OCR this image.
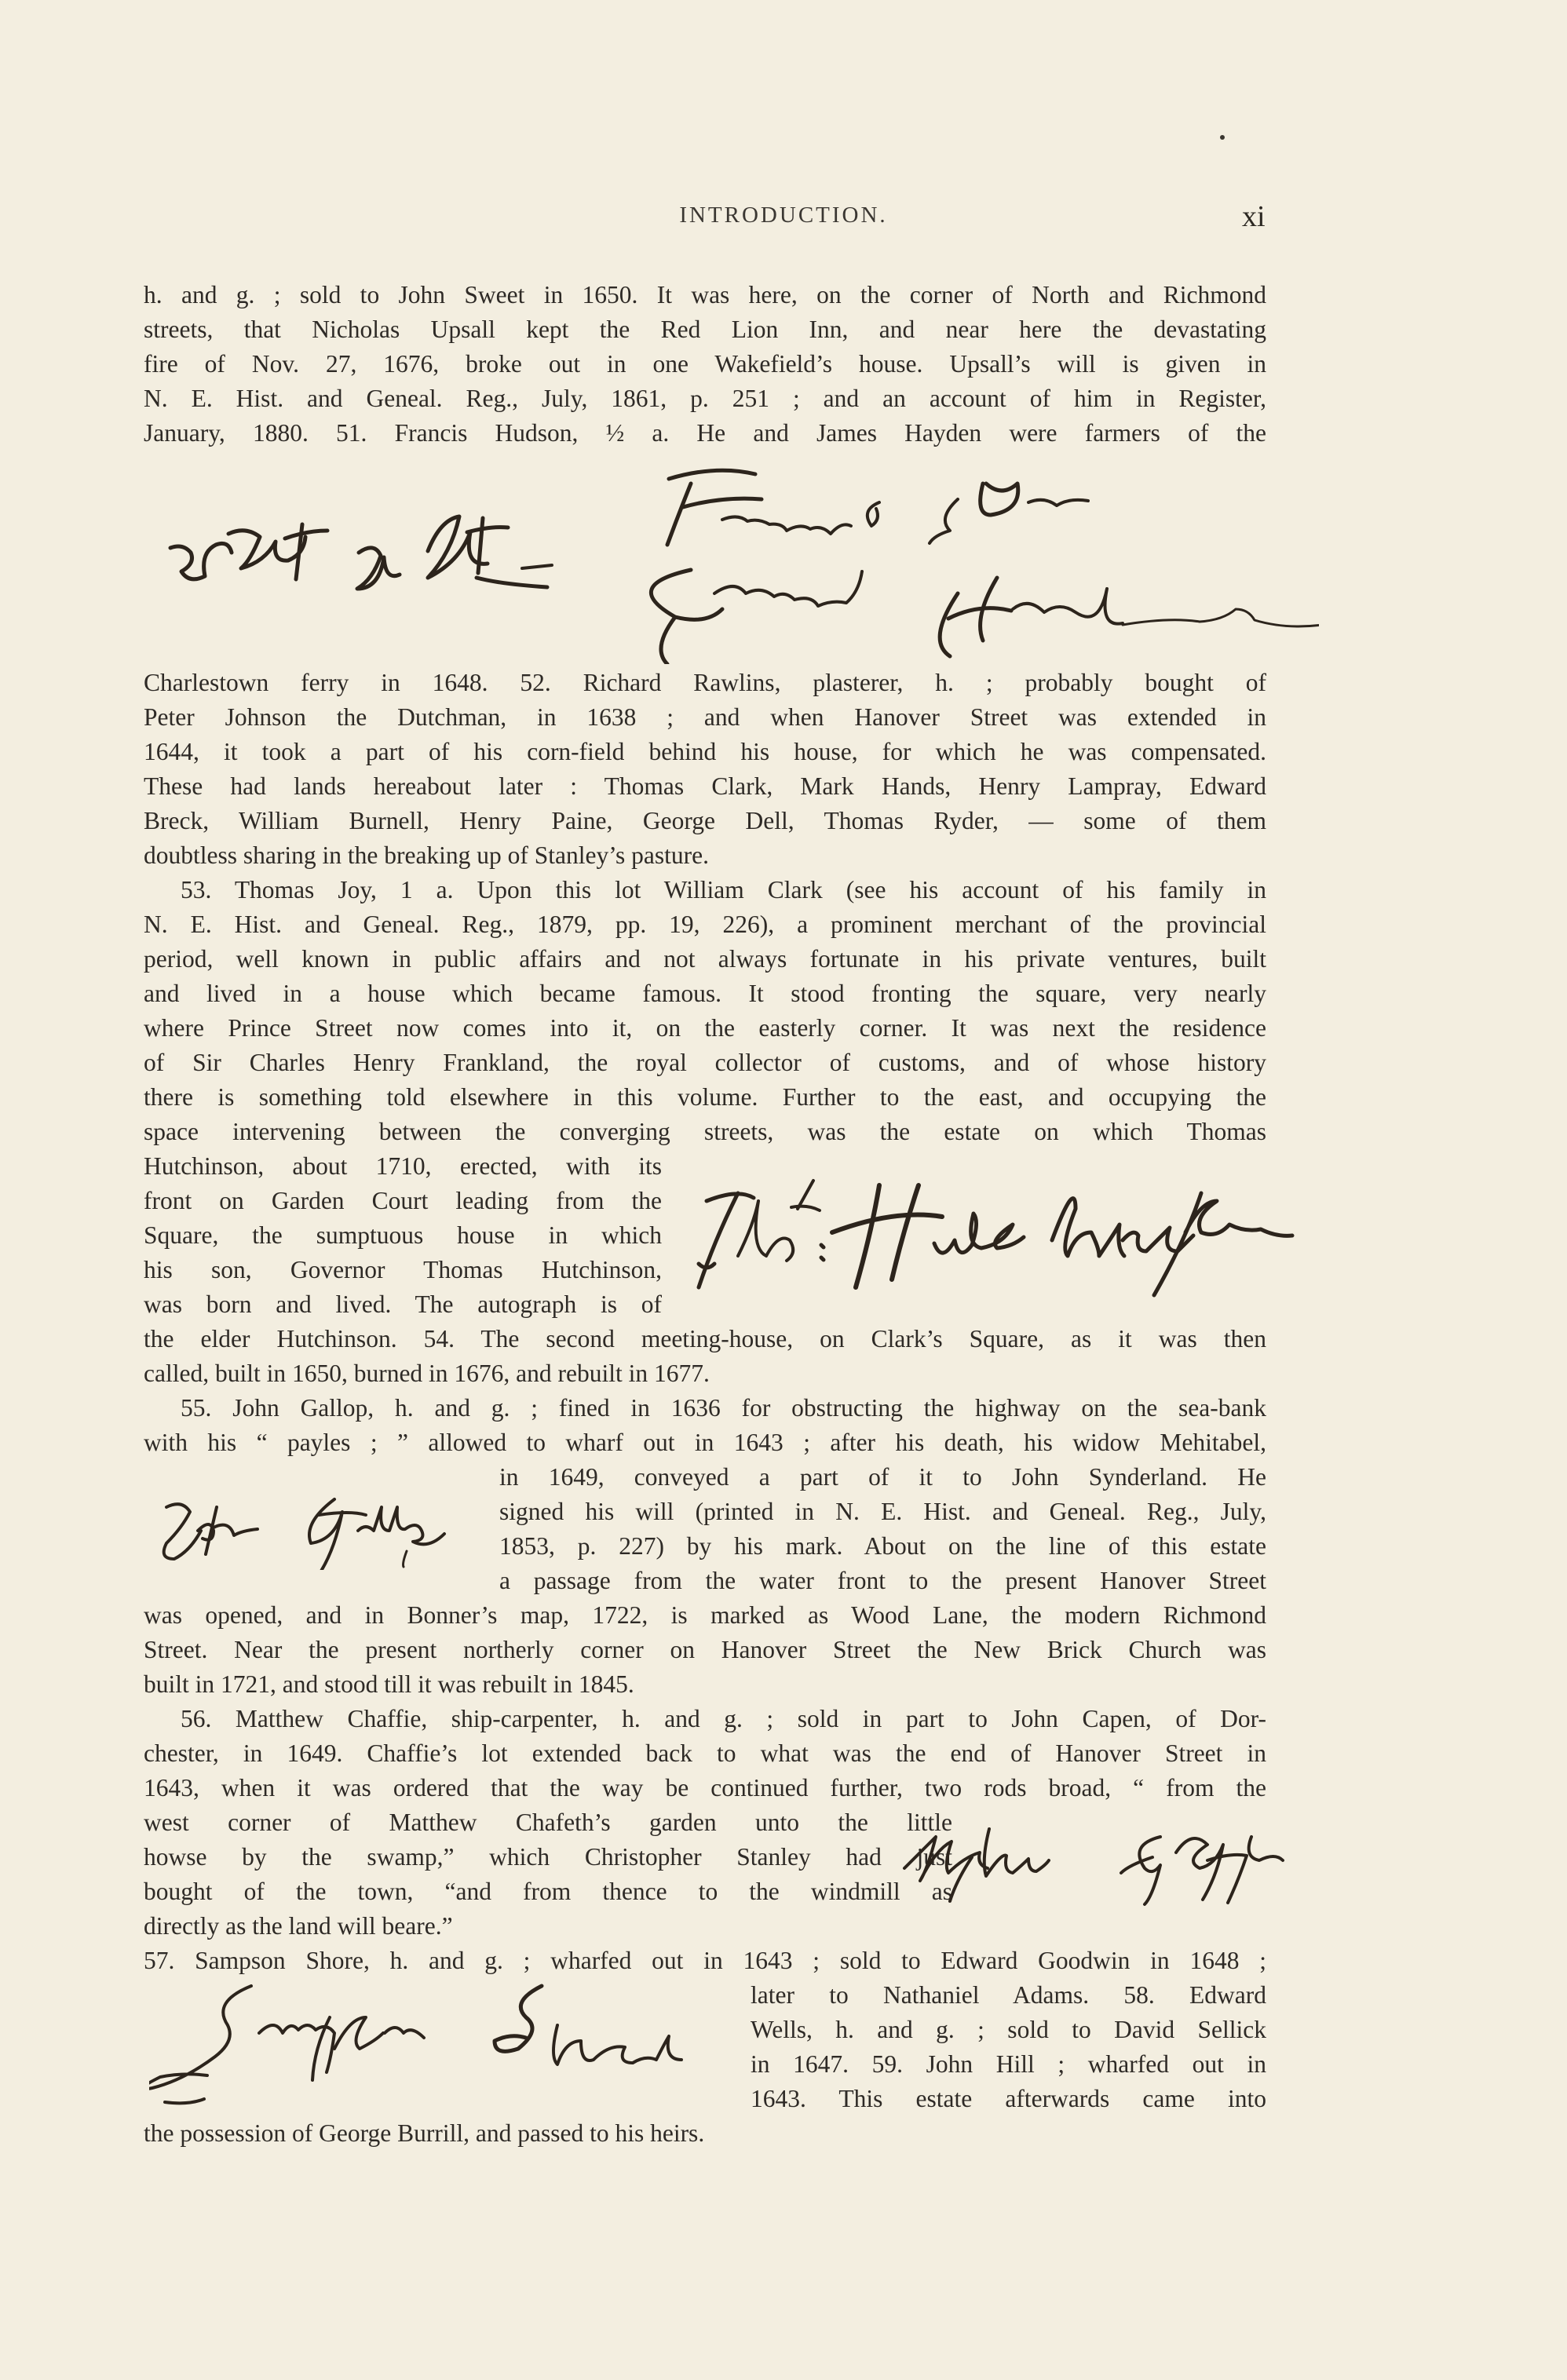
INTRODUCTION.	xi
h. and g. ; sold to John Sweet in 1650. It was here, on the corner of North and Richmond
streets, that Nicholas Upsall kept the Red Lion Inn, and near here the devastating
fire of Nov. 27, 1676, broke out in one Wakefield’s house. Upsall’s will is given in
N. E. Hist. and Geneal. Reg., July, 1861, p. 251 ; and an account of him in Register,
January, 1880. 51. Francis Hudson, ½ a. He and James Hayden were farmers of the
Charlestown ferry in 1648. 52. Richard Rawlins, plasterer, h. ; probably bought of
Peter Johnson the Dutchman, in 1638 ; and when Hanover Street was extended in
1644, it took a part of his corn-field behind his house, for which he was compensated.
These had lands hereabout later : Thomas Clark, Mark Hands, Henry Lampray, Edward
Breck, William Burnell, Henry Paine, George Dell, Thomas Ryder, — some of them
doubtless sharing in the breaking up of Stanley’s pasture.
53. Thomas Joy, 1 a. Upon this lot William Clark (see his account of his family in
N. E. Hist. and Geneal. Reg., 1879, pp. 19, 226), a prominent merchant of the provincial
period, well known in public affairs and not always fortunate in his private ventures, built
and lived in a house which became famous. It stood fronting the square, very nearly
where Prince Street now comes into it, on the easterly corner. It was next the residence
of Sir Charles Henry Frankland, the royal collector of customs, and of whose history
there is something told elsewhere in this volume. Further to the east, and occupying the
space intervening between the converging streets, was the estate on which Thomas
Hutchinson, about 1710, erected, with its
front on Garden Court leading from the
Square, the sumptuous house in which
his son, Governor Thomas Hutchinson,
was born and lived. The autograph is of
the elder Hutchinson. 54. The second meeting-house, on Clark’s Square, as it was then
called, built in 1650, burned in 1676, and rebuilt in 1677.
55. John Gallop, h. and g. ; fined in 1636 for obstructing the highway on the sea-bank
with his “ payles ; ” allowed to wharf out in 1643 ; after his death, his widow Mehitabel,
in 1649, conveyed a part of it to John Synderland. He
signed his will (printed in N. E. Hist. and Geneal. Reg., July,
1853, p. 227) by his mark. About on the line of this estate
a passage from the water front to the present Hanover Street
was opened, and in Bonner’s map, 1722, is marked as Wood Lane, the modern Richmond
Street. Near the present northerly corner on Hanover Street the New Brick Church was
built in 1721, and stood till it was rebuilt in 1845.
56. Matthew Chaffie, ship-carpenter, h. and g. ; sold in part to John Capen, of Dor-
chester, in 1649. Chaffie’s lot extended back to what was the end of Hanover Street in
1643, when it was ordered that the way be continued further, two rods broad, “ from the
west corner of Matthew Chafeth’s garden unto the little
howse by the swamp,” which Christopher Stanley had just
bought of the town, “and from thence to the windmill as
directly as the land will beare.”
57. Sampson Shore, h. and g. ; wharfed out in 1643 ; sold to Edward Goodwin in 1648 ;
later to Nathaniel Adams. 58. Edward
Wells, h. and g. ; sold to David Sellick
in 1647. 59. John Hill ; wharfed out in
1643. This estate afterwards came into
the possession of George Burrill, and passed to his heirs.
